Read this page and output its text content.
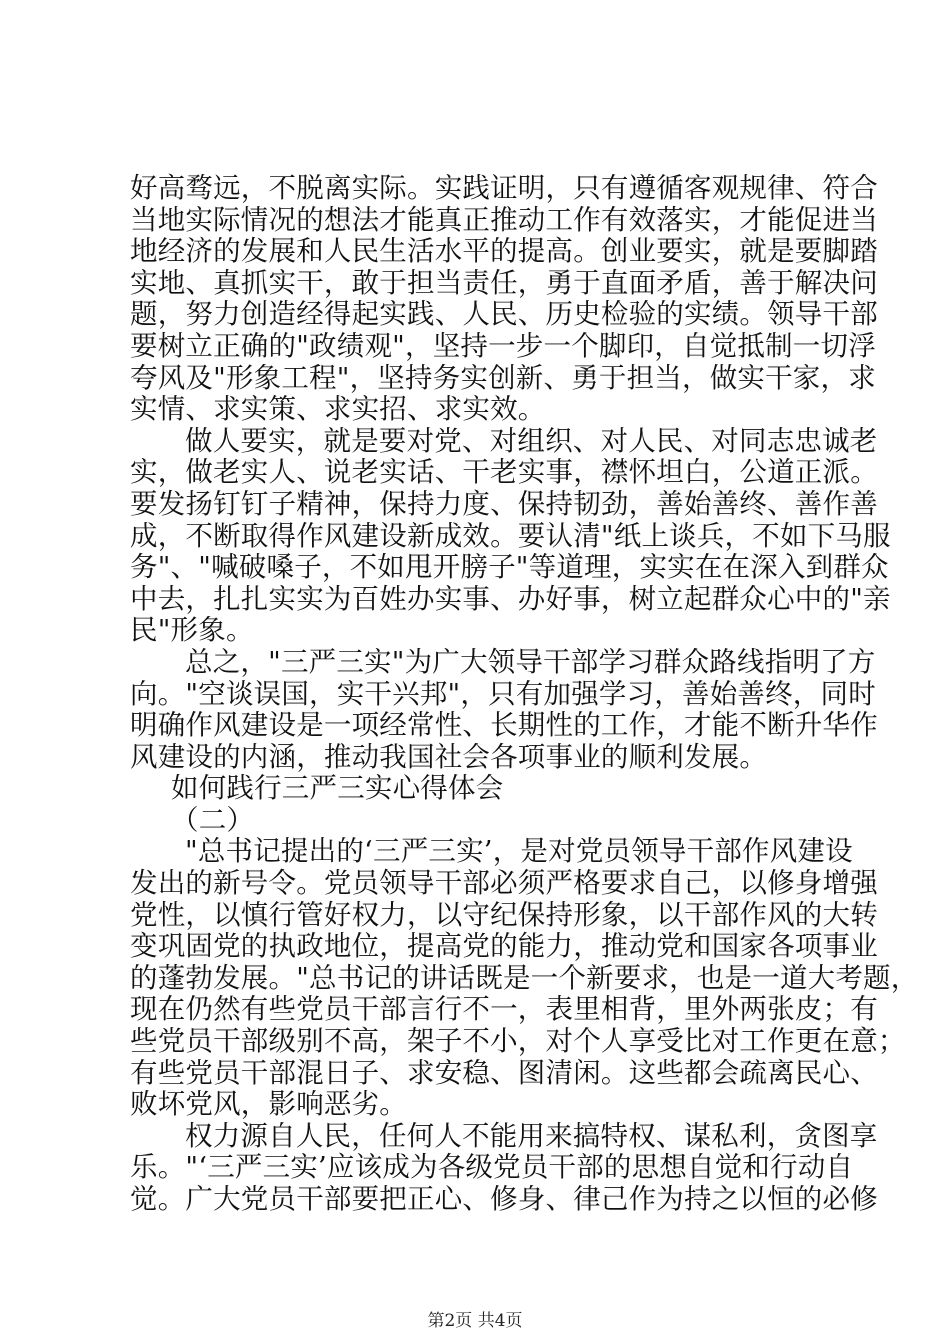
好高骛远，不脱离实际。实践证明，只有遵循客观规律、符合
当地实际情况的想法才能真正推动工作有效落实，才能促进当
地经济的发展和人民生活水平的提高。创业要实，就是要脚踏
实地、真抓实干，敢于担当责任，勇于直面矛盾，善于解决问
题，努力创造经得起实践、人民、历史检验的实绩。领导干部
要树立正确的"政绩观"，坚持一步一个脚印，自觉抵制一切浮
夸风及"形象工程"，坚持务实创新、勇于担当，做实干家，求
实情、求实策、求实招、求实效。
做人要实，就是要对党、对组织、对人民、对同志忠诚老
实，做老实人、说老实话、干老实事，襟怀坦白，公道正派。
要发扬钉钉子精神，保持力度、保持韧劲，善始善终、善作善
成，不断取得作风建设新成效。要认清"纸上谈兵，不如下马服
务"、"喊破嗓子，不如甩开膀子"等道理，实实在在深入到群众
中去，扎扎实实为百姓办实事、办好事，树立起群众心中的"亲
民"形象。
总之，"三严三实"为广大领导干部学习群众路线指明了方
向。"空谈误国，实干兴邦"，只有加强学习，善始善终，同时
明确作风建设是一项经常性、长期性的工作，才能不断升华作
风建设的内涵，推动我国社会各项事业的顺利发展。
如何践行三严三实心得体会
（二）
"总书记提出的‘三严三实’，是对党员领导干部作风建设
发出的新号令。党员领导干部必须严格要求自己，以修身增强
党性，以慎行管好权力，以守纪保持形象，以干部作风的大转
变巩固党的执政地位，提高党的能力，推动党和国家各项事业
的蓬勃发展。"总书记的讲话既是一个新要求，也是一道大考题，
现在仍然有些党员干部言行不一，表里相背，里外两张皮；有
些党员干部级别不高，架子不小，对个人享受比对工作更在意；
有些党员干部混日子、求安稳、图清闲。这些都会疏离民心、
败坏党风，影响恶劣。
权力源自人民，任何人不能用来搞特权、谋私利，贪图享
乐。"‘三严三实’应该成为各级党员干部的思想自觉和行动自
觉。广大党员干部要把正心、修身、律己作为持之以恒的必修
第2页 共4页
